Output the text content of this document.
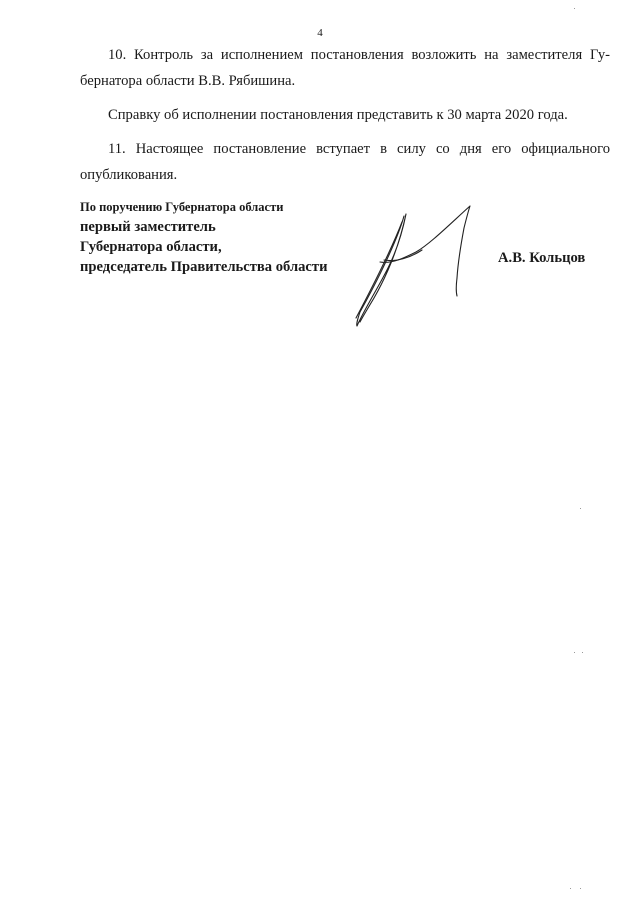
4

10. Контроль за исполнением постановления возложить на заместителя Гу-
бернатора области В.В. Рябишина.

Справку об исполнении постановления представить к 30 марта 2020 года.

11. Настоящее постановление вступает в силу со дня его официального
опубликования.

По поручению Губернатора области
первый заместитель
Губернатора области,
председатель Правительства области
А.В. Кольцов
